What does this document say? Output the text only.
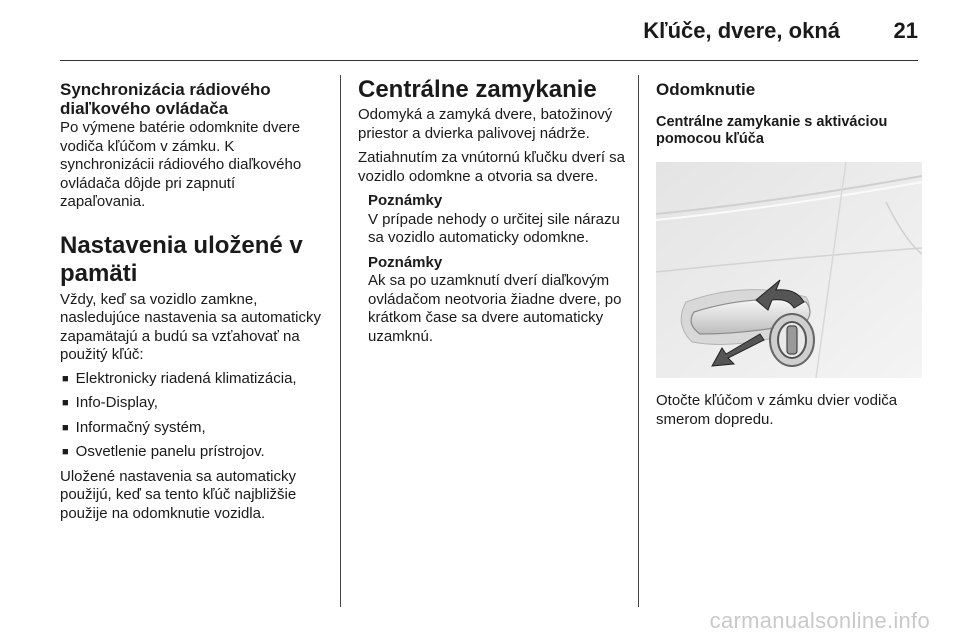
Kľúče, dvere, okná 21
Synchronizácia rádiového diaľkového ovládača

Po výmene batérie odomknite dvere vodiča kľúčom v zámku. K synchronizácii rádiového diaľkového ovládača dôjde pri zapnutí zapaľovania.

Nastavenia uložené v pamäti

Vždy, keď sa vozidlo zamkne, nasledujúce nastavenia sa automaticky zapamätajú a budú sa vzťahovať na použitý kľúč:

■ Elektronicky riadená klimatizácia,
■ Info-Display,
■ Informačný systém,
■ Osvetlenie panelu prístrojov.

Uložené nastavenia sa automaticky použijú, keď sa tento kľúč najbližšie použije na odomknutie vozidla.

Centrálne zamykanie

Odomyká a zamyká dvere, batožinový priestor a dvierka palivovej nádrže.

Zatiahnutím za vnútornú kľučku dverí sa vozidlo odomkne a otvoria sa dvere.

Poznámky

V prípade nehody o určitej sile nárazu sa vozidlo automaticky odomkne.

Poznámky

Ak sa po uzamknutí dverí diaľkovým ovládačom neotvoria žiadne dvere, po krátkom čase sa dvere automaticky uzamknú.

Odomknutie
Centrálne zamykanie s aktiváciou pomocou kľúča

Otočte kľúčom v zámku dvier vodiča smerom dopredu.

carmanualsonline.info
